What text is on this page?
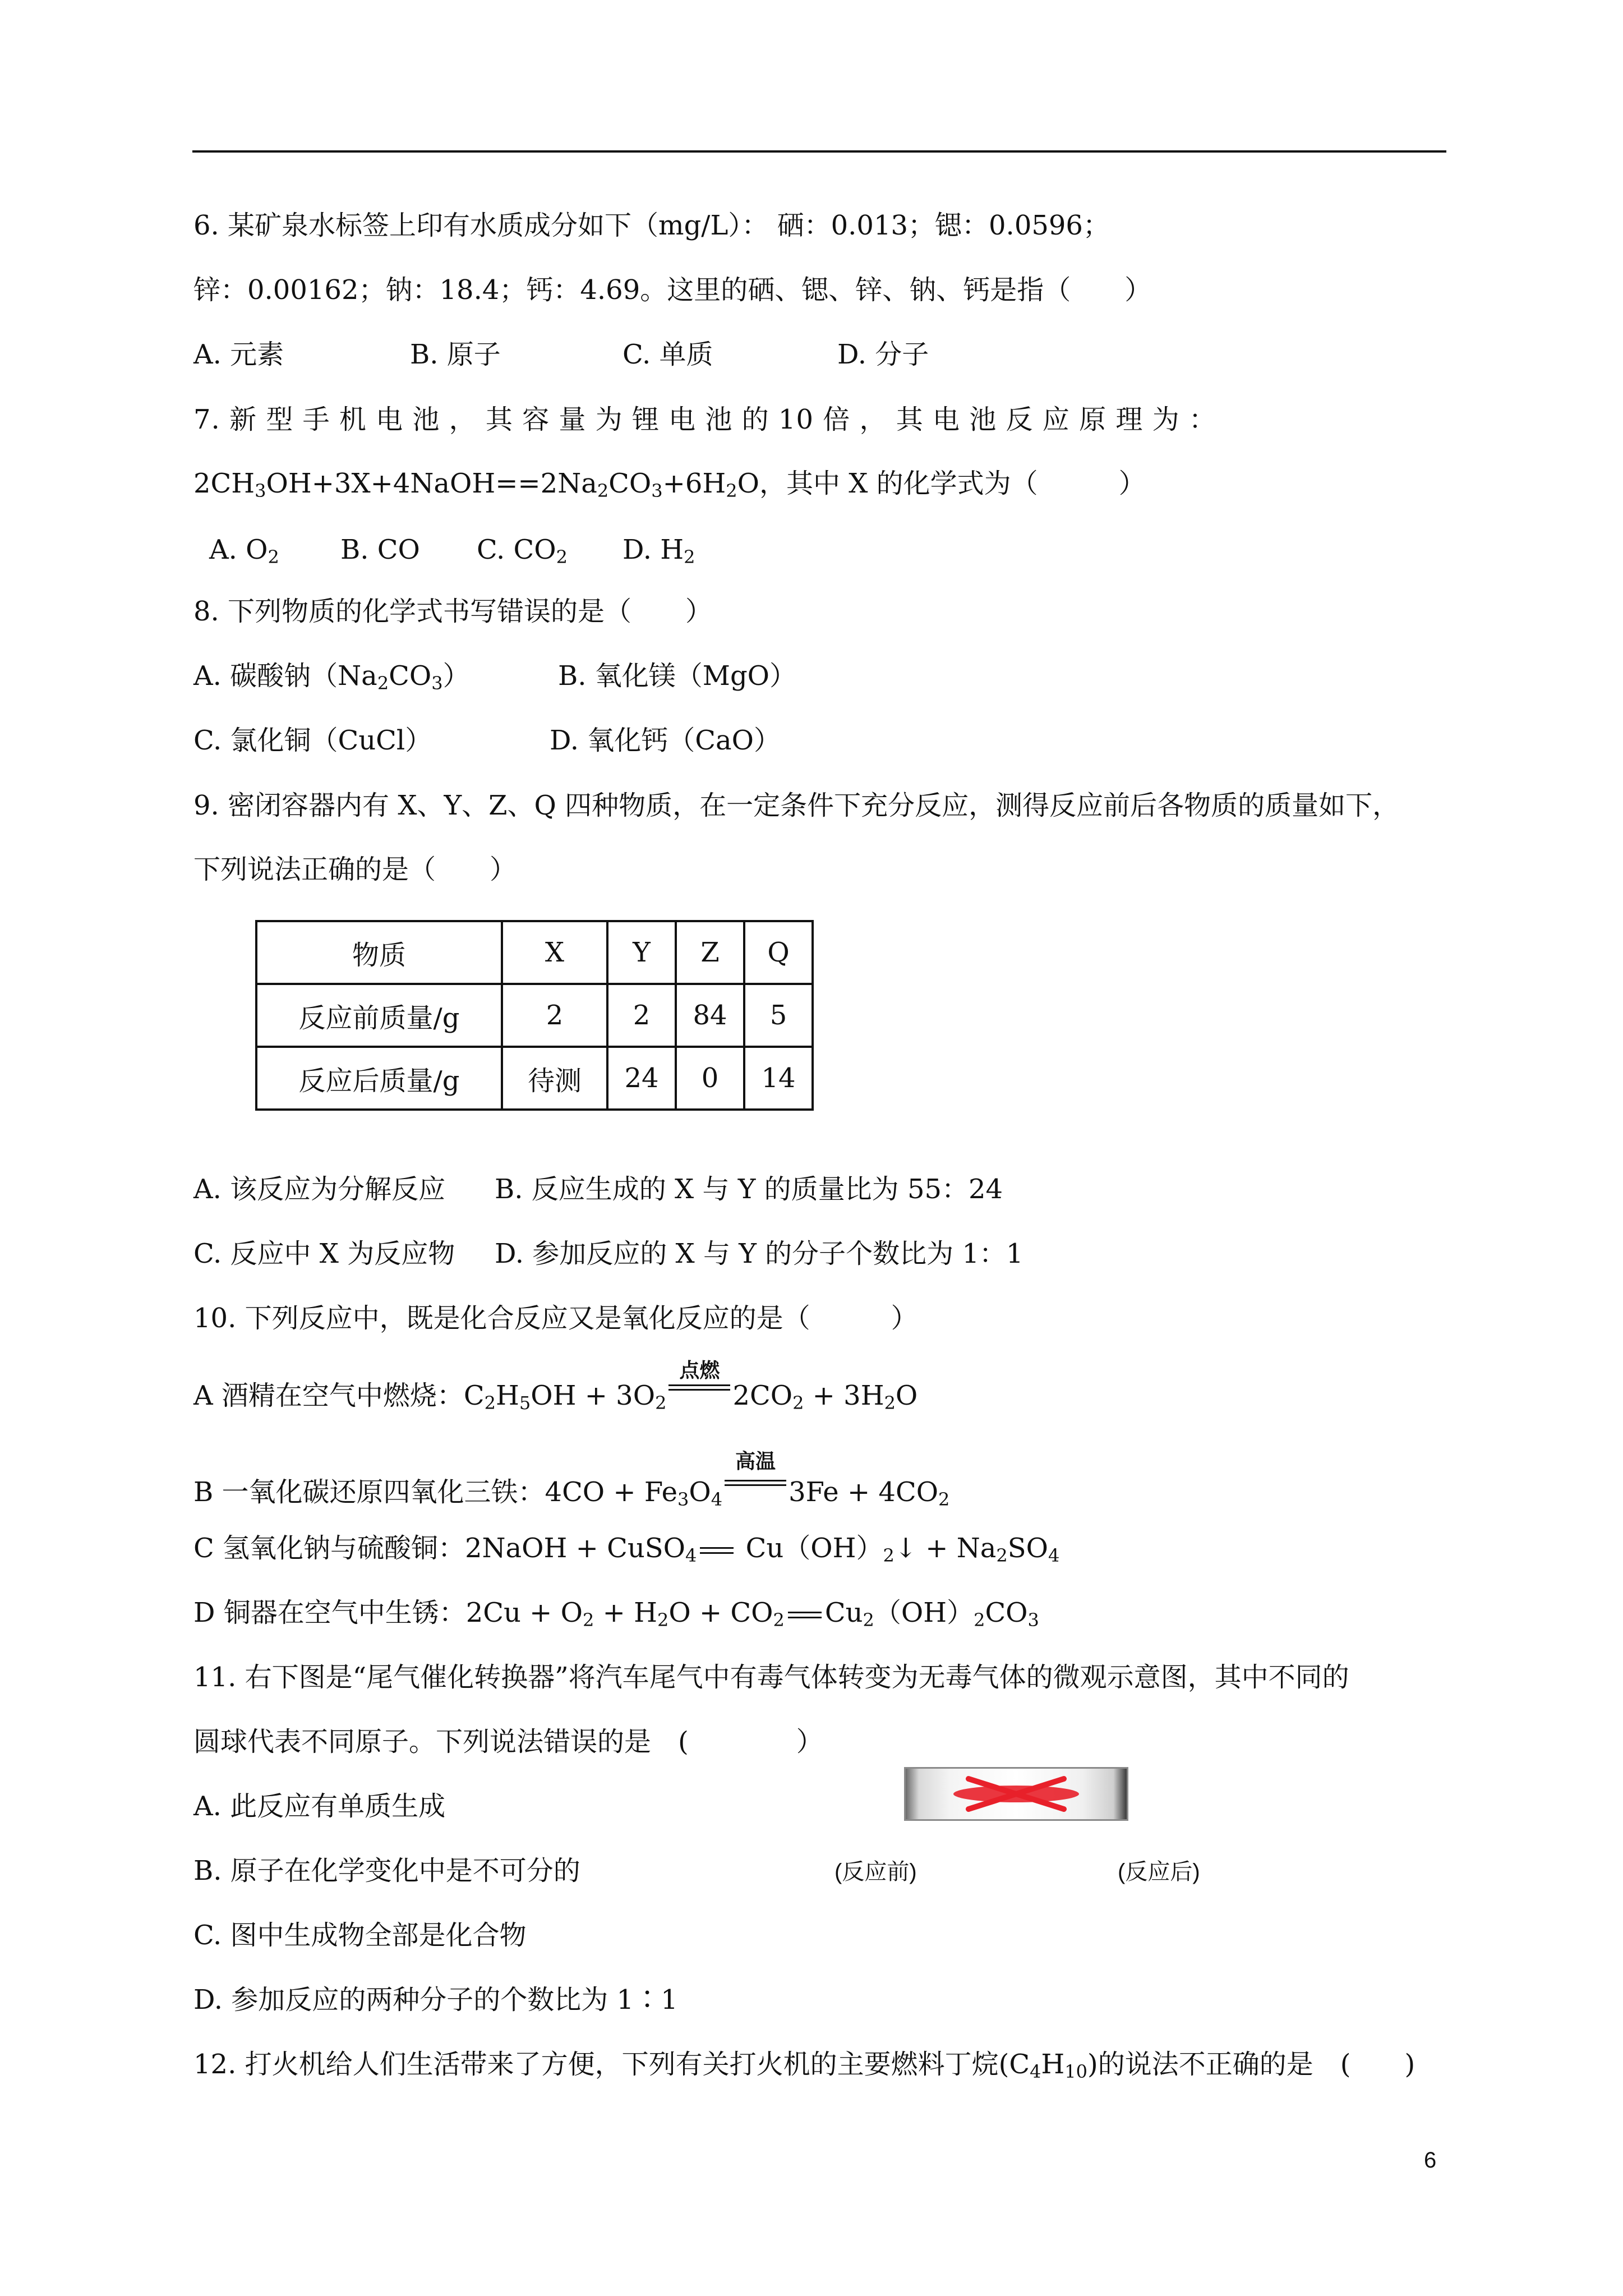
6. 某矿泉水标签上印有水质成分如下（mg/L）： 硒：0.013；锶：0.0596；
锌：0.00162；钠：18.4；钙：4.69。这里的硒、锶、锌、钠、钙是指（　　）
A. 元素	B. 原子	C. 单质	D. 分子
7. 新 型 手 机 电 池 ， 其 容 量 为 锂 电 池 的 10 倍 ， 其 电 池 反 应 原 理 为 ：
$2CH_3OH+3X+4NaOH==2Na_2CO_3+6H_2O$，其中 X 的化学式为（　　　）
A. $O_2$ B. CO C. $CO_2$ D. $H_2$
8. 下列物质的化学式书写错误的是（　　）
A. 碳酸钠$(Na_2CO_3)$	B. 氧化镁（MgO）
C. 氯化铜（CuCl）	D. 氧化钙（CaO）
9. 密闭容器内有 X、Y、Z、Q 四种物质，在一定条件下充分反应，测得反应前后各物质的质量如下，
下列说法正确的是（　　）
物质	X	Y	Z	Q
反应前质量/g	2	2	84	5
反应后质量/g	待测	24	0	14
A. 该反应为分解反应 B. 反应生成的 X 与 Y 的质量比为 55：24
C. 反应中 X 为反应物 D. 参加反应的 X 与 Y 的分子个数比为 1：1
10. 下列反应中，既是化合反应又是氧化反应的是（　　　）
A 酒精在空气中燃烧：$C_2H_5OH + 3O_2$
点燃
$2CO_2 + 3H_2O$
B 一氧化碳还原四氧化三铁：$4CO + Fe_3O_4$
高温
$3Fe + 4CO_2$
C 氢氧化钠与硫酸铜：2NaOH + CuSO$_4$ $Cu(OH)_2↓ + Na_2SO_4$
D 铜器在空气中生锈：$2Cu + O_2 + H_2O + CO_2$ $Cu_2(OH)_2CO_3$
11. 右下图是“尾气催化转换器”将汽车尾气中有毒气体转变为无毒气体的微观示意图，其中不同的
圆球代表不同原子。下列说法错误的是　(　　　　）
A. 此反应有单质生成
B. 原子在化学变化中是不可分的	(反应前)	(反应后)
C. 图中生成物全部是化合物
D. 参加反应的两种分子的个数比为 1∶1
12. 打火机给人们生活带来了方便，下列有关打火机的主要燃料丁烷$(C_4H_{10})$的说法不正确的是　(　　)
6
